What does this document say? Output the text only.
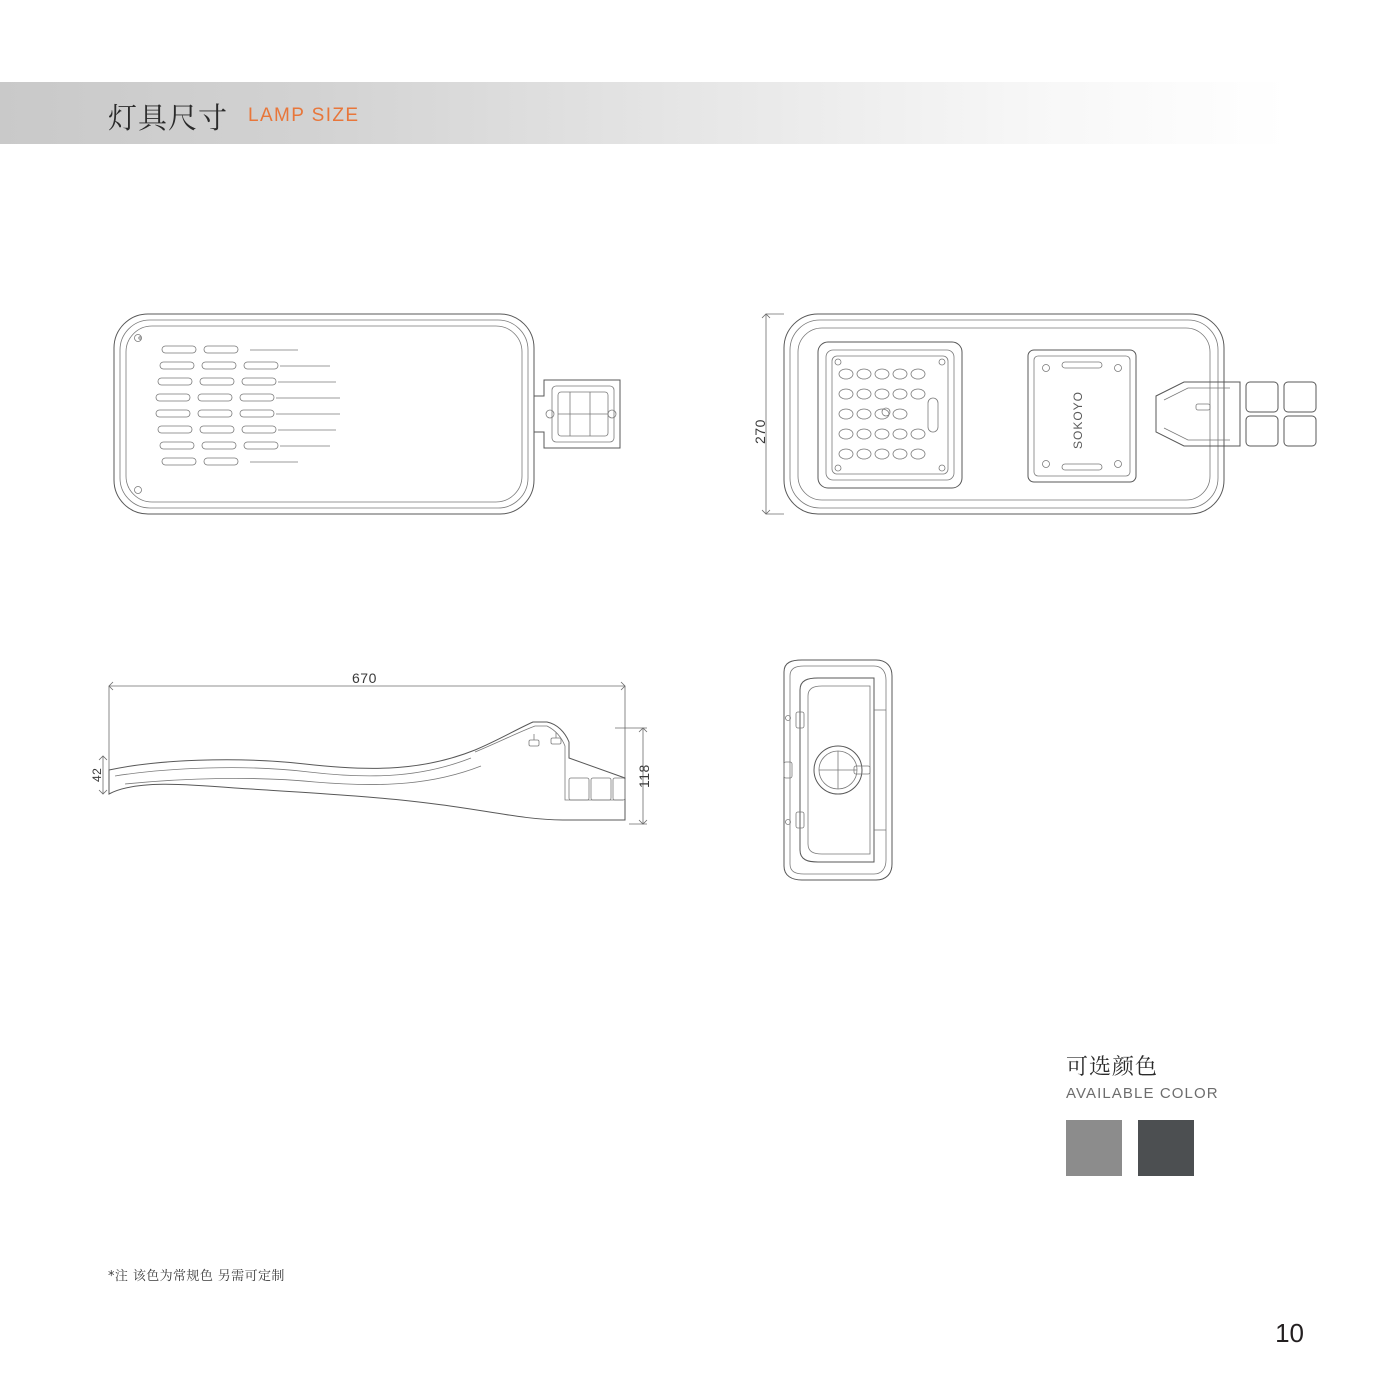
灯具尺寸 LAMP SIZE
SOKOYO
270
670
118
42
可选颜色
AVAILABLE COLOR
*注 该色为常规色 另需可定制
10
